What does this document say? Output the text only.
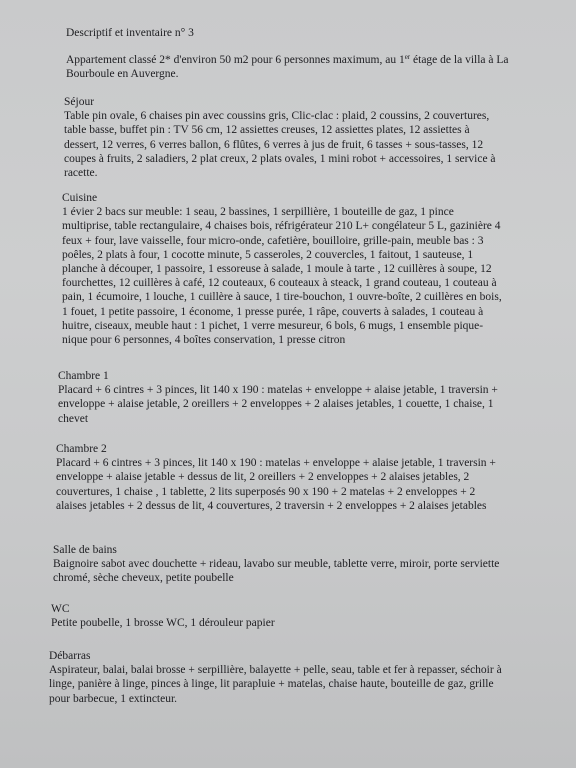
Descriptif et inventaire n° 3
Appartement classé 2* d'environ 50 m2 pour 6 personnes maximum, au 1er étage de la villa à La Bourboule en Auvergne.
Séjour
Table pin ovale, 6 chaises pin avec coussins gris, Clic-clac : plaid, 2 coussins, 2 couvertures, table basse, buffet pin : TV 56 cm, 12 assiettes creuses, 12 assiettes plates, 12 assiettes à dessert, 12 verres, 6 verres ballon, 6 flûtes, 6 verres à jus de fruit, 6 tasses + sous-tasses, 12 coupes à fruits, 2 saladiers, 2 plat creux, 2 plats ovales, 1 mini robot + accessoires, 1 service à racette.
Cuisine
1 évier 2 bacs sur meuble: 1 seau, 2 bassines, 1 serpillière, 1 bouteille de gaz, 1 pince multiprise, table rectangulaire, 4 chaises bois, réfrigérateur 210 L+ congélateur 5 L, gazinière 4 feux + four, lave vaisselle, four micro-onde, cafetière, bouilloire, grille-pain, meuble bas : 3 poêles, 2 plats à four, 1 cocotte minute, 5 casseroles, 2 couvercles, 1 faitout, 1 sauteuse, 1 planche à découper, 1 passoire, 1 essoreuse à salade, 1 moule à tarte , 12 cuillères à soupe, 12 fourchettes, 12 cuillères à café, 12 couteaux, 6 couteaux à steack, 1 grand couteau, 1 couteau à pain, 1 écumoire, 1 louche, 1 cuillère à sauce, 1 tire-bouchon, 1 ouvre-boîte, 2 cuillères en bois, 1 fouet, 1 petite passoire, 1 économe, 1 presse purée, 1 râpe, couverts à salades, 1 couteau à huitre, ciseaux, meuble haut : 1 pichet, 1 verre mesureur, 6 bols, 6 mugs, 1 ensemble pique-nique pour 6 personnes, 4 boîtes conservation, 1 presse citron
Chambre 1
Placard + 6 cintres + 3 pinces, lit 140 x 190 : matelas + enveloppe + alaise jetable, 1 traversin + enveloppe + alaise jetable, 2 oreillers + 2 enveloppes + 2 alaises jetables, 1 couette, 1 chaise, 1 chevet
Chambre 2
Placard + 6 cintres + 3 pinces, lit 140 x 190 : matelas + enveloppe + alaise jetable, 1 traversin + enveloppe + alaise jetable + dessus de lit, 2 oreillers + 2 enveloppes + 2 alaises jetables, 2 couvertures, 1 chaise , 1 tablette, 2 lits superposés 90 x 190 + 2 matelas + 2 enveloppes + 2 alaises jetables + 2 dessus de lit, 4 couvertures, 2 traversin + 2 enveloppes + 2 alaises jetables
Salle de bains
Baignoire sabot avec douchette + rideau, lavabo sur meuble, tablette verre, miroir, porte serviette chromé, sèche cheveux, petite poubelle
WC
Petite poubelle, 1 brosse WC, 1 dérouleur papier
Débarras
Aspirateur, balai, balai brosse + serpillière, balayette + pelle, seau, table et fer à repasser, séchoir à linge, panière à linge, pinces à linge, lit parapluie + matelas, chaise haute, bouteille de gaz, grille pour barbecue, 1 extincteur.
